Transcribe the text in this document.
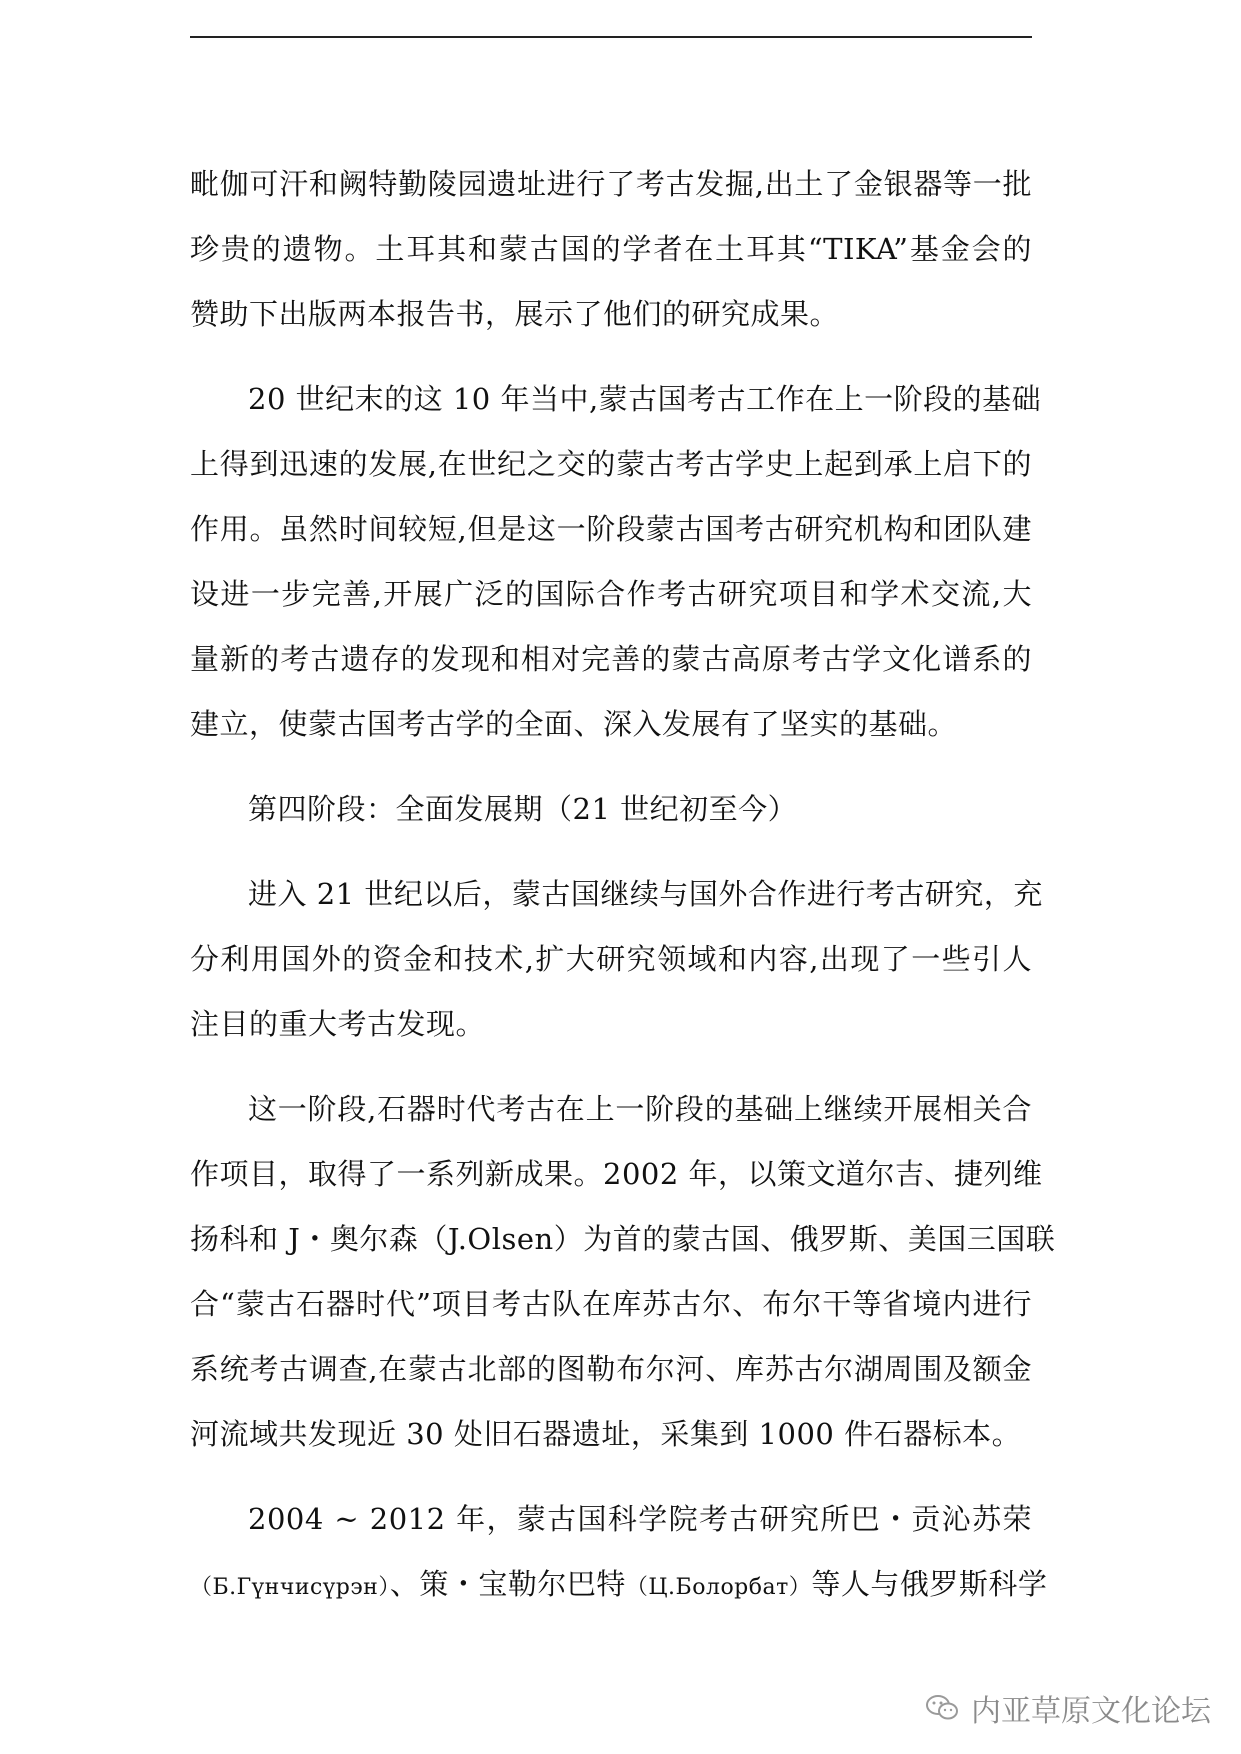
毗伽可汗和阙特勤陵园遗址进行了考古发掘,出土了金银器等一批
珍贵的遗物。土耳其和蒙古国的学者在土耳其“TIKA”基金会的
赞助下出版两本报告书，展示了他们的研究成果。
20 世纪末的这 10 年当中,蒙古国考古工作在上一阶段的基础
上得到迅速的发展,在世纪之交的蒙古考古学史上起到承上启下的
作用。虽然时间较短,但是这一阶段蒙古国考古研究机构和团队建
设进一步完善,开展广泛的国际合作考古研究项目和学术交流,大
量新的考古遗存的发现和相对完善的蒙古高原考古学文化谱系的
建立，使蒙古国考古学的全面、深入发展有了坚实的基础。
第四阶段：全面发展期（21 世纪初至今）
进入 21 世纪以后，蒙古国继续与国外合作进行考古研究，充
分利用国外的资金和技术,扩大研究领域和内容,出现了一些引人
注目的重大考古发现。
这一阶段,石器时代考古在上一阶段的基础上继续开展相关合
作项目，取得了一系列新成果。2002 年，以策文道尔吉、捷列维
扬科和 J・奥尔森（J.Olsen）为首的蒙古国、俄罗斯、美国三国联
合“蒙古石器时代”项目考古队在库苏古尔、布尔干等省境内进行
系统考古调查,在蒙古北部的图勒布尔河、库苏古尔湖周围及额金
河流域共发现近 30 处旧石器遗址，采集到 1000 件石器标本。
2004 ~ 2012 年，蒙古国科学院考古研究所巴・贡沁苏荣
（Б.Гүнчисүрэн）、策・宝勒尔巴特（Ц.Болорбат）等人与俄罗斯科学
内亚草原文化论坛
